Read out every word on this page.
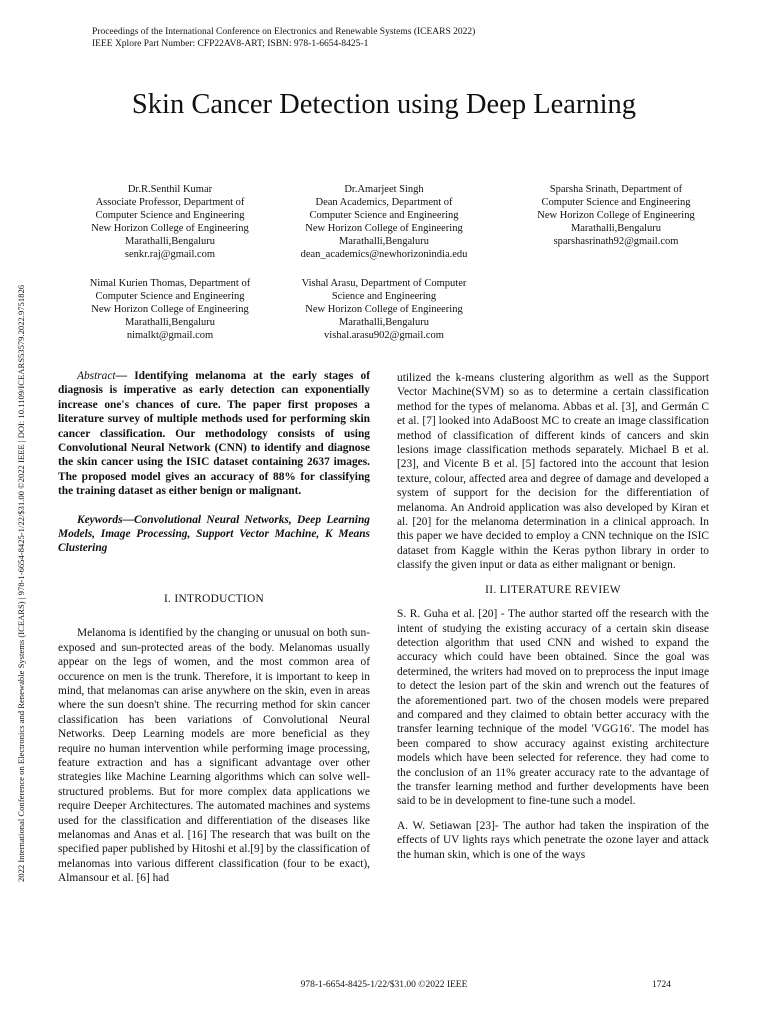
Proceedings of the International Conference on Electronics and Renewable Systems (ICEARS 2022)
IEEE Xplore Part Number: CFP22AV8-ART; ISBN: 978-1-6654-8425-1
Skin Cancer Detection using Deep Learning
2022 International Conference on Electronics and Renewable Systems (ICEARS) | 978-1-6654-8425-1/22/$31.00 ©2022 IEEE | DOI: 10.1109/ICEARS53579.2022.9751826
Dr.R.Senthil Kumar
Associate Professor, Department of
Computer Science and Engineering
New Horizon College of Engineering
Marathalli,Bengaluru
senkr.raj@gmail.com
Dr.Amarjeet Singh
Dean Academics, Department of
Computer Science and Engineering
New Horizon College of Engineering
Marathalli,Bengaluru
dean_academics@newhorizonindia.edu
Sparsha Srinath, Department of
Computer Science and Engineering
New Horizon College of Engineering
Marathalli,Bengaluru
sparshasrinath92@gmail.com
Nimal Kurien Thomas, Department of
Computer Science and Engineering
New Horizon College of Engineering
Marathalli,Bengaluru
nimalkt@gmail.com
Vishal Arasu, Department of Computer
Science and Engineering
New Horizon College of Engineering
Marathalli,Bengaluru
vishal.arasu902@gmail.com

Abstract— Identifying melanoma at the early stages of diagnosis is imperative as early detection can exponentially increase one's chances of cure. The paper first proposes a literature survey of multiple methods used for performing skin cancer classification. Our methodology consists of using Convolutional Neural Network (CNN) to identify and diagnose the skin cancer using the ISIC dataset containing 2637 images. The proposed model gives an accuracy of 88% for classifying the training dataset as either benign or malignant.

Keywords—Convolutional Neural Networks, Deep Learning Models, Image Processing, Support Vector Machine, K Means Clustering

I. INTRODUCTION

Melanoma is identified by the changing or unusual on both sun-exposed and sun-protected areas of the body. Melanomas usually appear on the legs of women, and the most common area of occurence on men is the trunk. Therefore, it is important to keep in mind, that melanomas can arise anywhere on the skin, even in areas where the sun doesn't shine. The recurring method for skin cancer classification has been variations of Convolutional Neural Networks. Deep Learning models are more beneficial as they require no human intervention while performing image processing, feature extraction and has a significant advantage over other strategies like Machine Learning algorithms which can solve well-structured problems. But for more complex data applications we require Deeper Architectures. The automated machines and systems used for the classification and differentiation of the diseases like melanomas and Anas et al. [16] The research that was built on the specified paper published by Hitoshi et al.[9] by the classification of melanomas into various different classification (four to be exact), Almansour et al. [6] had

utilized the k-means clustering algorithm as well as the Support Vector Machine(SVM) so as to determine a certain classification method for the types of melanoma. Abbas et al. [3], and Germán C et al. [7] looked into AdaBoost MC to create an image classification method of classification of different kinds of cancers and skin lesions image classification methods separately. Michael B et al. [23], and Vicente B et al. [5] factored into the account that lesion texture, colour, affected area and degree of damage and developed a system of support for the decision for the differentiation of melanoma. An Android application was also developed by Kiran et al. [20] for the melanoma determination in a clinical approach. In this paper we have decided to employ a CNN technique on the ISIC dataset from Kaggle within the Keras python library in order to classify the given input or data as either malignant or benign.

II. LITERATURE REVIEW

S. R. Guha et al. [20] - The author started off the research with the intent of studying the existing accuracy of a certain skin disease detection algorithm that used CNN and wished to expand the accuracy which could have been obtained. Since the goal was determined, the writers had moved on to preprocess the input image to detect the lesion part of the skin and wrench out the features of the aforementioned part. two of the chosen models were prepared and compared and they claimed to obtain better accuracy with the transfer learning technique of the model 'VGG16'. The model has been compared to show accuracy against existing architecture models which have been selected for reference. they had come to the conclusion of an 11% greater accuracy rate to the advantage of the transfer learning method and further developments have been said to be in development to fine-tune such a model.

A. W. Setiawan [23]- The author had taken the inspiration of the effects of UV lights rays which penetrate the ozone layer and attack the human skin, which is one of the ways

978-1-6654-8425-1/22/$31.00 ©2022 IEEE	1724
